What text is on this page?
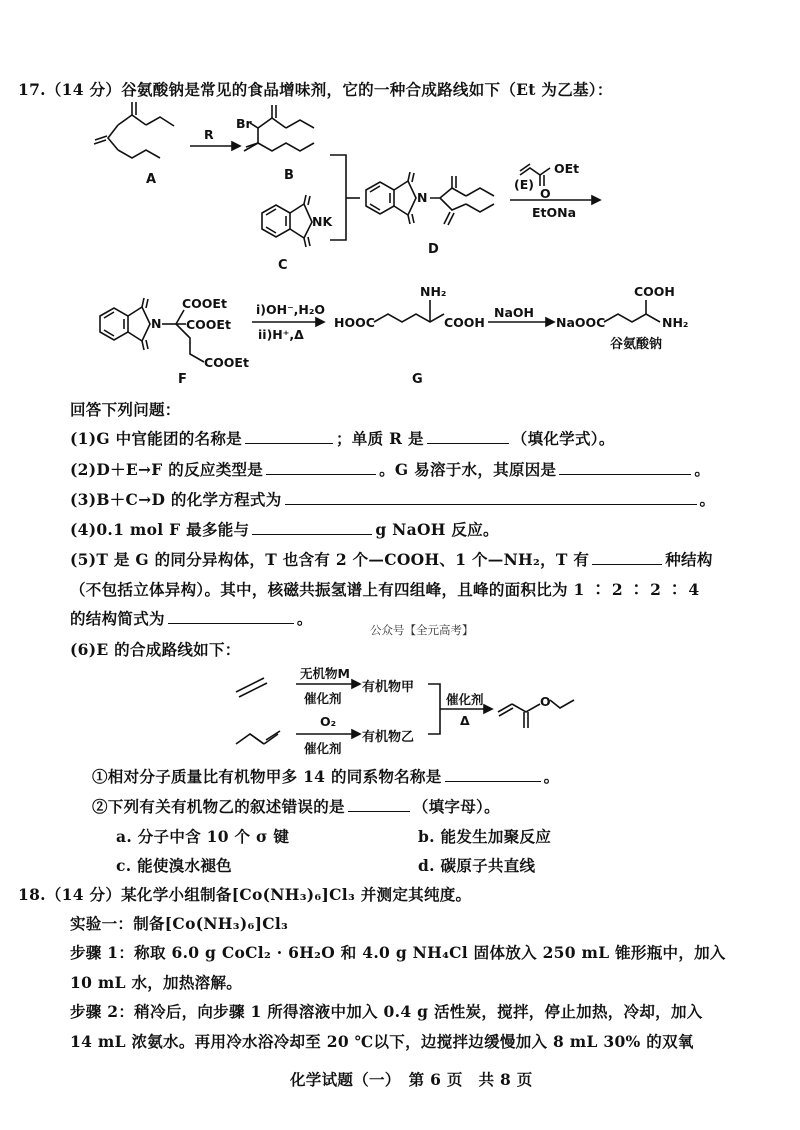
17.（14 分）谷氨酸钠是常见的食品增味剂，它的一种合成路线如下（Et 为乙基）：
A	B
C
D
F	G
R
Br
NK
N
N
O
(E)
OEt
EtONa
COOEt
COOEt
COOEt
i)OH⁻,H₂O
ii)H⁺,Δ
NH₂
HOOC	COOH
NaOH
NaOOC
COOH
NH₂
谷氨酸钠
回答下列问题：
(1)G 中官能团的名称是	；单质 R 是	（填化学式）。
(2)D＋E→F 的反应类型是	。G 易溶于水，其原因是	。
(3)B＋C→D 的化学方程式为	。
(4)0.1 mol F 最多能与	g NaOH 反应。
(5)T 是 G 的同分异构体，T 也含有 2 个—COOH、1 个—NH₂，T 有	种结构
（不包括立体异构）。其中，核磁共振氢谱上有四组峰，且峰的面积比为 1 ∶ 2 ∶ 2 ∶ 4
的结构简式为	。
公众号【全元高考】
(6)E 的合成路线如下：
无机物M
催化剂
有机物甲
O₂
催化剂
有机物乙
催化剂
Δ
O
①相对分子质量比有机物甲多 14 的同系物名称是	。
②下列有关有机物乙的叙述错误的是	（填字母）。
a. 分子中含 10 个 σ 键	b. 能发生加聚反应
c. 能使溴水褪色	d. 碳原子共直线
18.（14 分）某化学小组制备[Co(NH₃)₆]Cl₃ 并测定其纯度。
实验一：制备[Co(NH₃)₆]Cl₃
步骤 1：称取 6.0 g CoCl₂ · 6H₂O 和 4.0 g NH₄Cl 固体放入 250 mL 锥形瓶中，加入
10 mL 水，加热溶解。
步骤 2：稍冷后，向步骤 1 所得溶液中加入 0.4 g 活性炭，搅拌，停止加热，冷却，加入
14 mL 浓氨水。再用冷水浴冷却至 20 ℃以下，边搅拌边缓慢加入 8 mL 30% 的双氧
化学试题（一）　第 6 页　共 8 页
